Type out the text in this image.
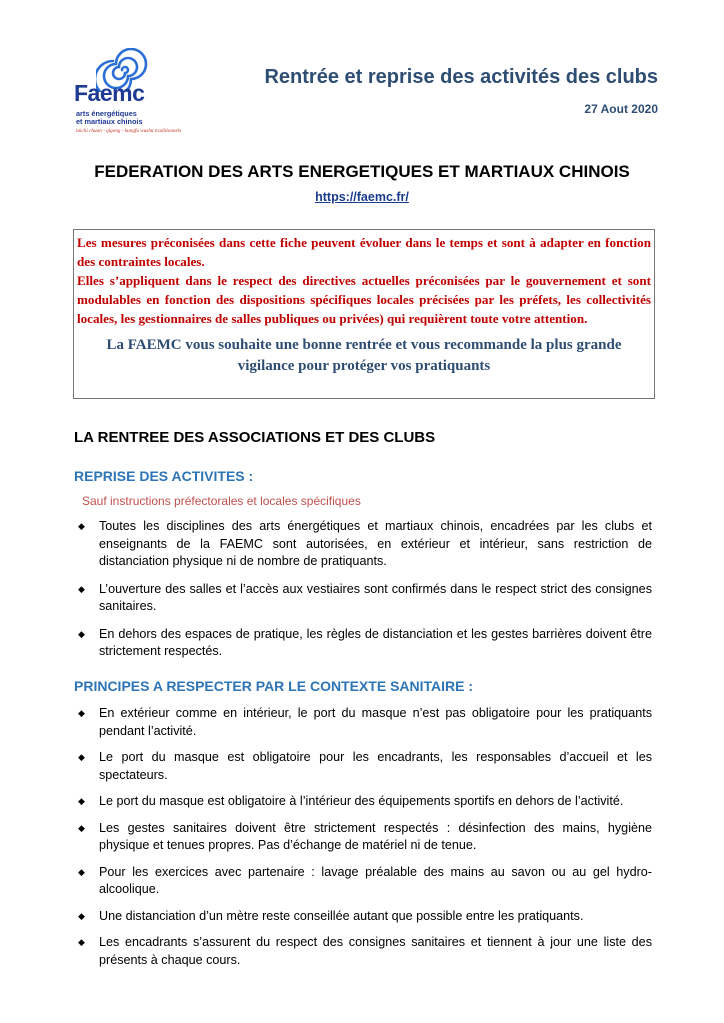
Faemc
arts énergétiques
et martiaux chinois
taichi chuan - qigong - kungfu wushu traditionnels
Rentrée et reprise des activités des clubs
27 Aout 2020
FEDERATION DES ARTS ENERGETIQUES ET MARTIAUX CHINOIS
https://faemc.fr/

Les mesures préconisées dans cette fiche peuvent évoluer dans le temps et sont à adapter en fonction des contraintes locales.

Elles s’appliquent dans le respect des directives actuelles préconisées par le gouvernement et sont modulables en fonction des dispositions spécifiques locales précisées par les préfets, les collectivités locales, les gestionnaires de salles publiques ou privées) qui requièrent toute votre attention.

La FAEMC vous souhaite une bonne rentrée et vous recommande la plus grande vigilance pour protéger vos pratiquants
LA RENTREE DES ASSOCIATIONS ET DES CLUBS
REPRISE DES ACTIVITES :
Sauf instructions préfectorales et locales spécifiques
◆ Toutes les disciplines des arts énergétiques et martiaux chinois, encadrées par les clubs et enseignants de la FAEMC sont autorisées, en extérieur et intérieur, sans restriction de distanciation physique ni de nombre de pratiquants.
◆ L’ouverture des salles et l’accès aux vestiaires sont confirmés dans le respect strict des consignes sanitaires.
◆ En dehors des espaces de pratique, les règles de distanciation et les gestes barrières doivent être strictement respectés.
PRINCIPES A RESPECTER PAR LE CONTEXTE SANITAIRE :
◆ En extérieur comme en intérieur, le port du masque n’est pas obligatoire pour les pratiquants pendant l’activité.
◆ Le port du masque est obligatoire pour les encadrants, les responsables d’accueil et les spectateurs.
◆ Le port du masque est obligatoire à l’intérieur des équipements sportifs en dehors de l’activité.
◆ Les gestes sanitaires doivent être strictement respectés : désinfection des mains, hygiène physique et tenues propres. Pas d’échange de matériel ni de tenue.
◆ Pour les exercices avec partenaire : lavage préalable des mains au savon ou au gel hydro-alcoolique.
◆ Une distanciation d’un mètre reste conseillée autant que possible entre les pratiquants.
◆ Les encadrants s’assurent du respect des consignes sanitaires et tiennent à jour une liste des présents à chaque cours.
